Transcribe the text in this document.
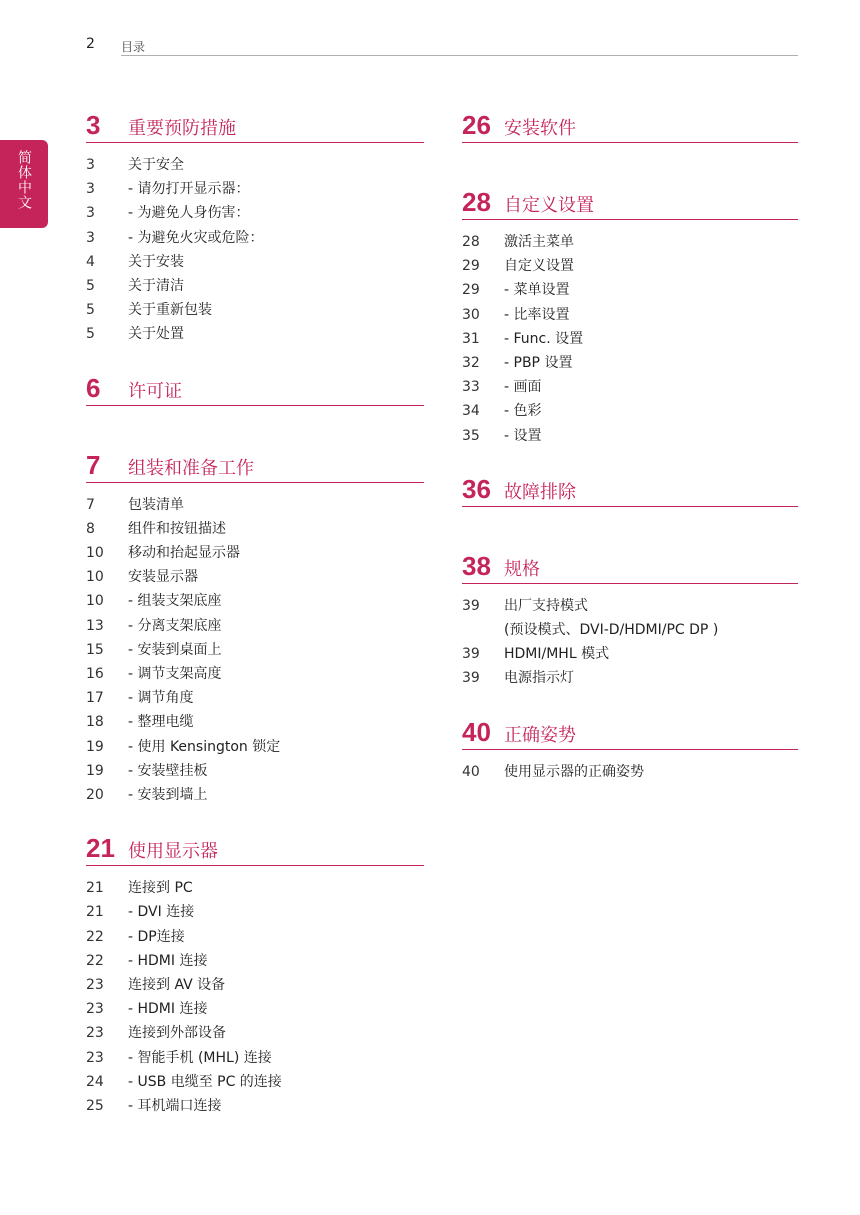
2 目录
简体中文
3	重要预防措施
3	关于安全
3	- 请勿打开显示器：
3	- 为避免人身伤害：
3	- 为避免火灾或危险：
4	关于安装
5	关于清洁
5	关于重新包装
5	关于处置
6	许可证
7	组装和准备工作
7	包装清单
8	组件和按钮描述
10	移动和抬起显示器
10	安装显示器
10	- 组装支架底座
13	- 分离支架底座
15	- 安装到桌面上
16	- 调节支架高度
17	- 调节角度
18	- 整理电缆
19	- 使用 Kensington 锁定
19	- 安装壁挂板
20	- 安装到墙上
21 使用显示器
21	连接到 PC
21	- DVI 连接
22	- DP连接
22	- HDMI 连接
23	连接到 AV 设备
23	- HDMI 连接
23	连接到外部设备
23	- 智能手机 (MHL) 连接
24	- USB 电缆至 PC 的连接
25	- 耳机端口连接
26 安装软件
28 自定义设置
28	激活主菜单
29	自定义设置
29	- 菜单设置
30	- 比率设置
31	- Func. 设置
32	- PBP 设置
33	- 画面
34	- 色彩
35	- 设置
36 故障排除
38 规格
39	出厂支持模式
(预设模式、DVI-D/HDMI/PC DP )
39	HDMI/MHL 模式
39	电源指示灯
40 正确姿势
40	使用显示器的正确姿势
